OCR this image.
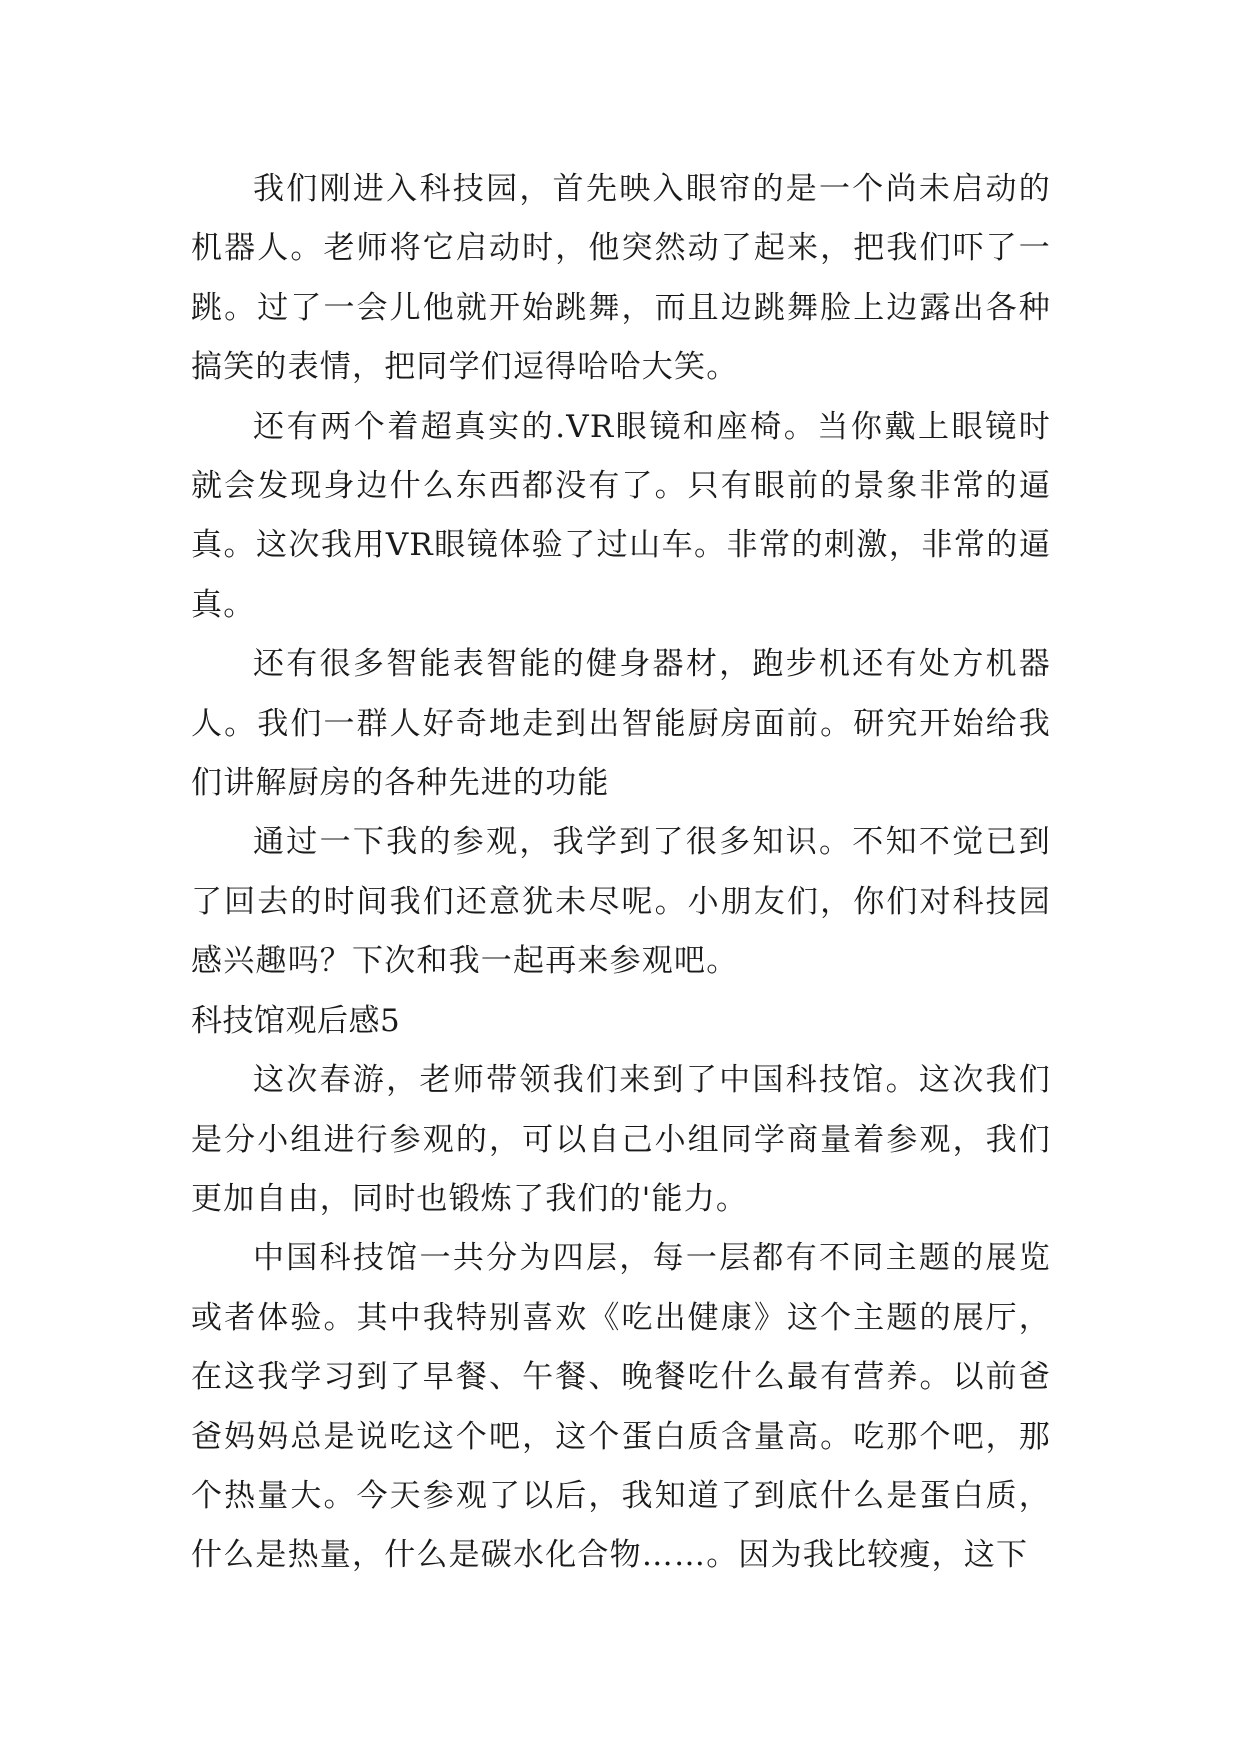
我们刚进入科技园，首先映入眼帘的是一个尚未启动的机器人。老师将它启动时，他突然动了起来，把我们吓了一跳。过了一会儿他就开始跳舞，而且边跳舞脸上边露出各种搞笑的表情，把同学们逗得哈哈大笑。

还有两个着超真实的.VR眼镜和座椅。当你戴上眼镜时就会发现身边什么东西都没有了。只有眼前的景象非常的逼真。这次我用VR眼镜体验了过山车。非常的刺激，非常的逼真。

还有很多智能表智能的健身器材，跑步机还有处方机器人。我们一群人好奇地走到出智能厨房面前。研究开始给我们讲解厨房的各种先进的功能

通过一下我的参观，我学到了很多知识。不知不觉已到了回去的时间我们还意犹未尽呢。小朋友们，你们对科技园感兴趣吗？下次和我一起再来参观吧。

科技馆观后感5

这次春游，老师带领我们来到了中国科技馆。这次我们是分小组进行参观的，可以自己小组同学商量着参观，我们更加自由，同时也锻炼了我们的'能力。

中国科技馆一共分为四层，每一层都有不同主题的展览或者体验。其中我特别喜欢《吃出健康》这个主题的展厅，在这我学习到了早餐、午餐、晚餐吃什么最有营养。以前爸爸妈妈总是说吃这个吧，这个蛋白质含量高。吃那个吧，那个热量大。今天参观了以后，我知道了到底什么是蛋白质，什么是热量，什么是碳水化合物……。因为我比较瘦，这下
